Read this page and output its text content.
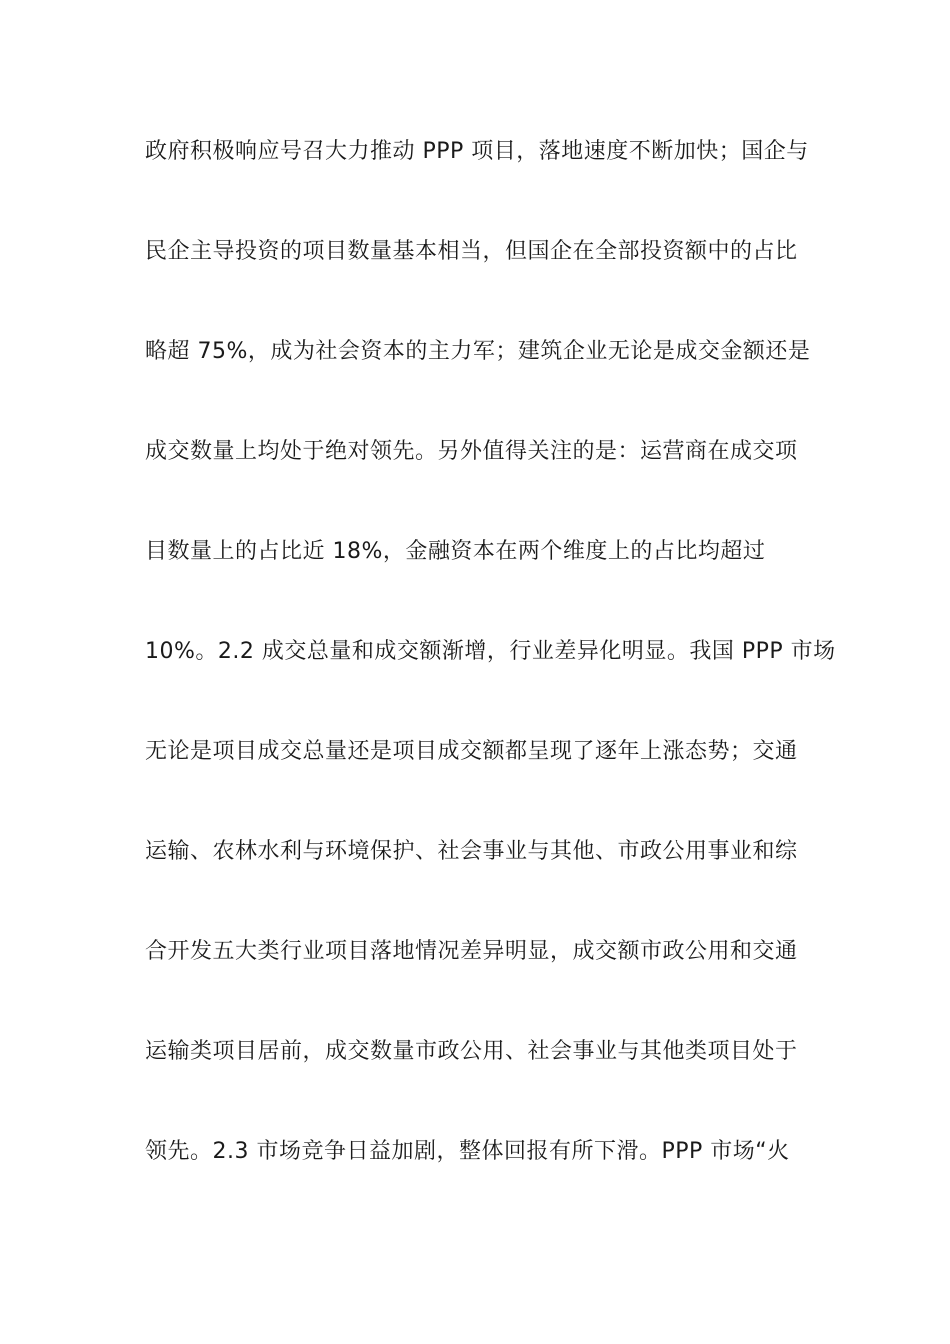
政府积极响应号召大力推动 PPP 项目，落地速度不断加快；国企与
民企主导投资的项目数量基本相当，但国企在全部投资额中的占比
略超 75%，成为社会资本的主力军；建筑企业无论是成交金额还是
成交数量上均处于绝对领先。另外值得关注的是：运营商在成交项
目数量上的占比近 18%，金融资本在两个维度上的占比均超过
10%。2.2 成交总量和成交额渐增，行业差异化明显。我国 PPP 市场
无论是项目成交总量还是项目成交额都呈现了逐年上涨态势；交通
运输、农林水利与环境保护、社会事业与其他、市政公用事业和综
合开发五大类行业项目落地情况差异明显，成交额市政公用和交通
运输类项目居前，成交数量市政公用、社会事业与其他类项目处于
领先。2.3 市场竞争日益加剧，整体回报有所下滑。PPP 市场“火
